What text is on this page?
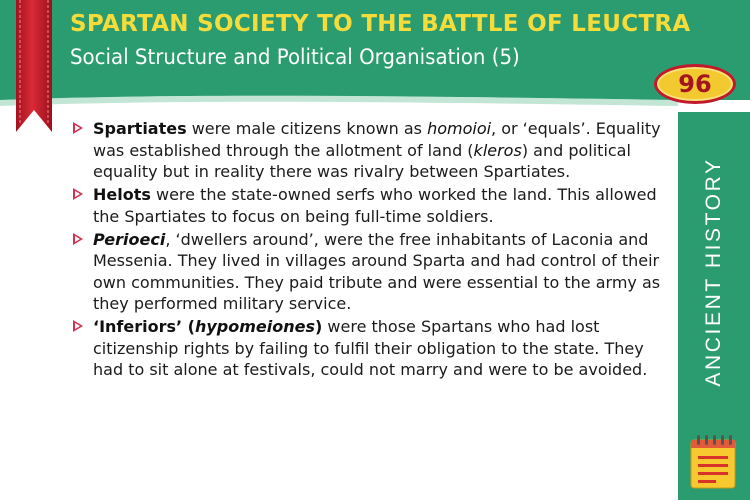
SPARTAN SOCIETY TO THE BATTLE OF LEUCTRA
Social Structure and Political Organisation (5)
ANCIENT HISTORY
96
Spartiates were male citizens known as homoioi, or ‘equals’. Equality was established through the allotment of land (kleros) and political equality but in reality there was rivalry between Spartiates.
Helots were the state-owned serfs who worked the land. This allowed the Spartiates to focus on being full-time soldiers.
Perioeci, ‘dwellers around’, were the free inhabitants of Laconia and Messenia. They lived in villages around Sparta and had control of their own communities. They paid tribute and were essential to the army as they performed military service.
‘Inferiors’ (hypomeiones) were those Spartans who had lost citizenship rights by failing to fulfil their obligation to the state. They had to sit alone at festivals, could not marry and were to be avoided.
